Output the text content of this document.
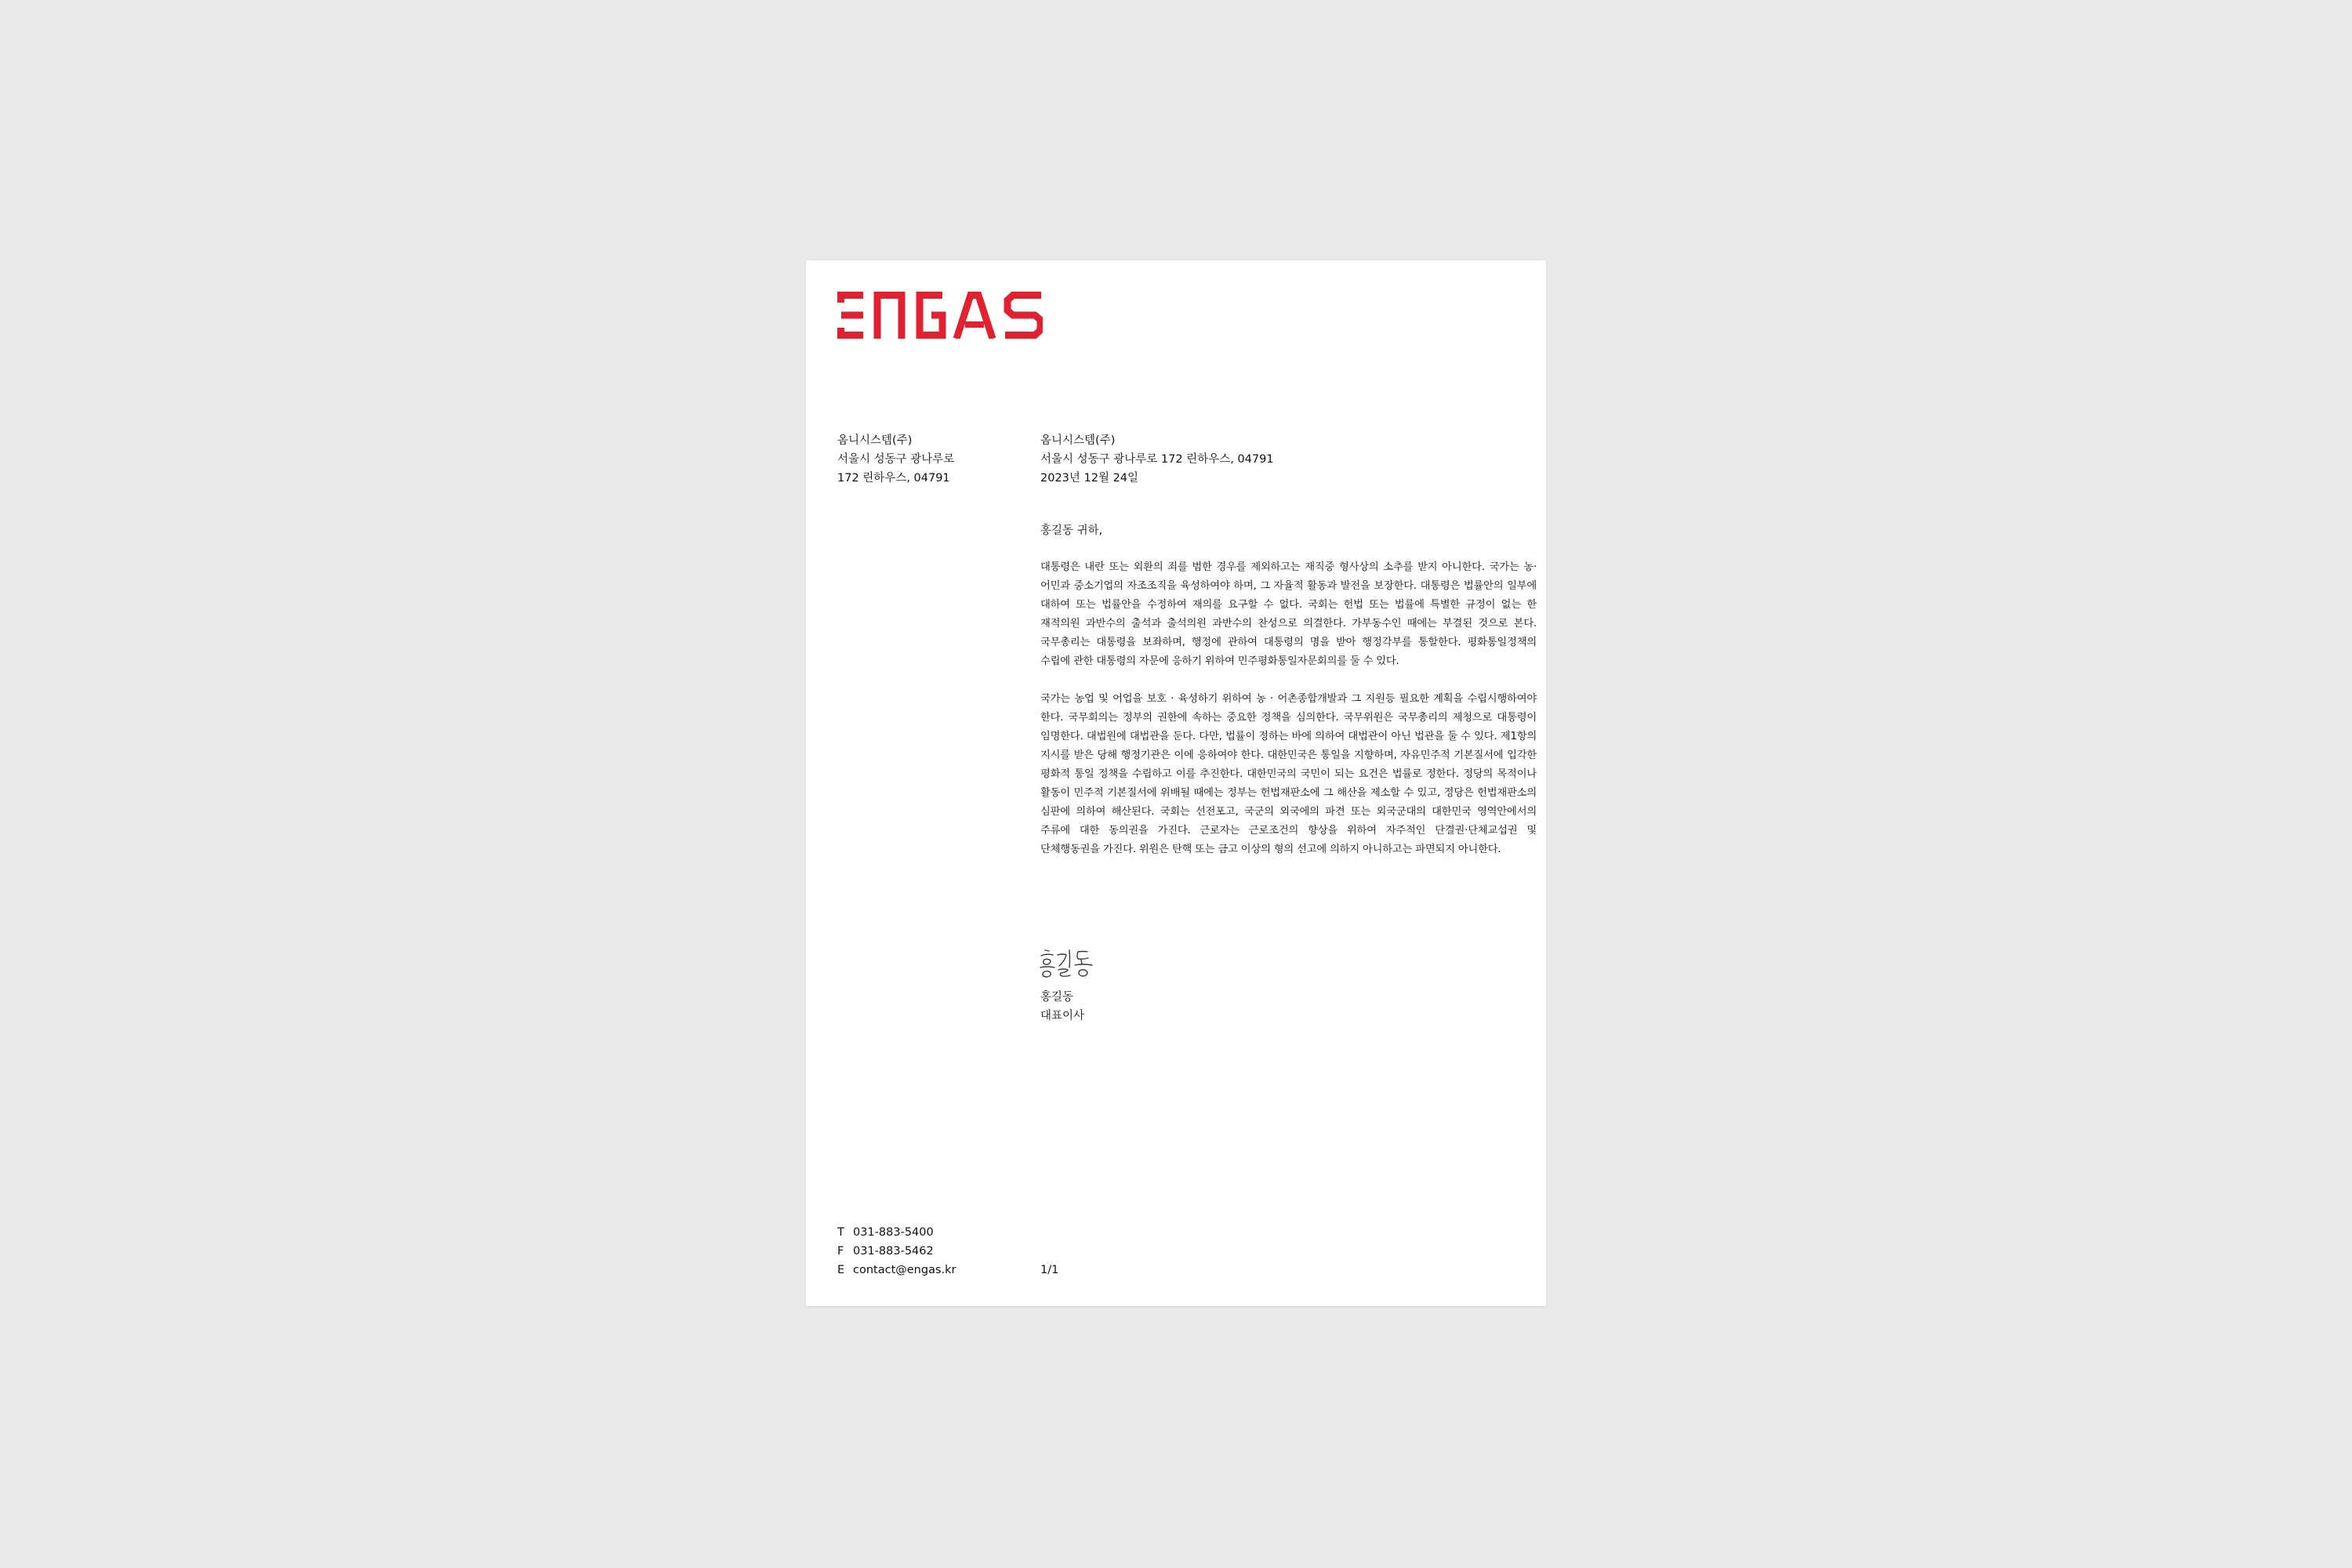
옴니시스템(주)
서울시 성동구 광나루로
172 린하우스, 04791
옴니시스템(주)
서울시 성동구 광나루로 172 린하우스, 04791
2023년 12월 24일
홍길동 귀하,

대통령은 내란 또는 외환의 죄를 범한 경우를 제외하고는 재직중 형사상의 소추를 받지 아니한다. 국가는 농·어민과 중소기업의 자조조직을 육성하여야 하며, 그 자율적 활동과 발전을 보장한다. 대통령은 법률안의 일부에 대하여 또는 법률안을 수정하여 재의를 요구할 수 없다. 국회는 헌법 또는 법률에 특별한 규정이 없는 한 재적의원 과반수의 출석과 출석의원 과반수의 찬성으로 의결한다. 가부동수인 때에는 부결된 것으로 본다. 국무총리는 대통령을 보좌하며, 행정에 관하여 대통령의 명을 받아 행정각부를 통할한다. 평화통일정책의 수립에 관한 대통령의 자문에 응하기 위하여 민주평화통일자문회의를 둘 수 있다.

국가는 농업 및 어업을 보호 · 육성하기 위하여 농 · 어촌종합개발과 그 지원등 필요한 계획을 수립시행하여야 한다. 국무회의는 정부의 권한에 속하는 중요한 정책을 심의한다. 국무위원은 국무총리의 제청으로 대통령이 임명한다. 대법원에 대법관을 둔다. 다만, 법률이 정하는 바에 의하여 대법관이 아닌 법관을 둘 수 있다. 제1항의 지시를 받은 당해 행정기관은 이에 응하여야 한다. 대한민국은 통일을 지향하며, 자유민주적 기본질서에 입각한 평화적 통일 정책을 수립하고 이를 추진한다. 대한민국의 국민이 되는 요건은 법률로 정한다. 정당의 목적이나 활동이 민주적 기본질서에 위배될 때에는 정부는 헌법재판소에 그 해산을 제소할 수 있고, 정당은 헌법재판소의 심판에 의하여 해산된다. 국회는 선전포고, 국군의 외국에의 파견 또는 외국군대의 대한민국 영역안에서의 주류에 대한 동의권을 가진다. 근로자는 근로조건의 향상을 위하여 자주적인 단결권·단체교섭권 및 단체행동권을 가진다. 위원은 탄핵 또는 금고 이상의 형의 선고에 의하지 아니하고는 파면되지 아니한다.

홍길동
대표이사
T 031-883-5400
F 031-883-5462
E contact@engas.kr	1/1
